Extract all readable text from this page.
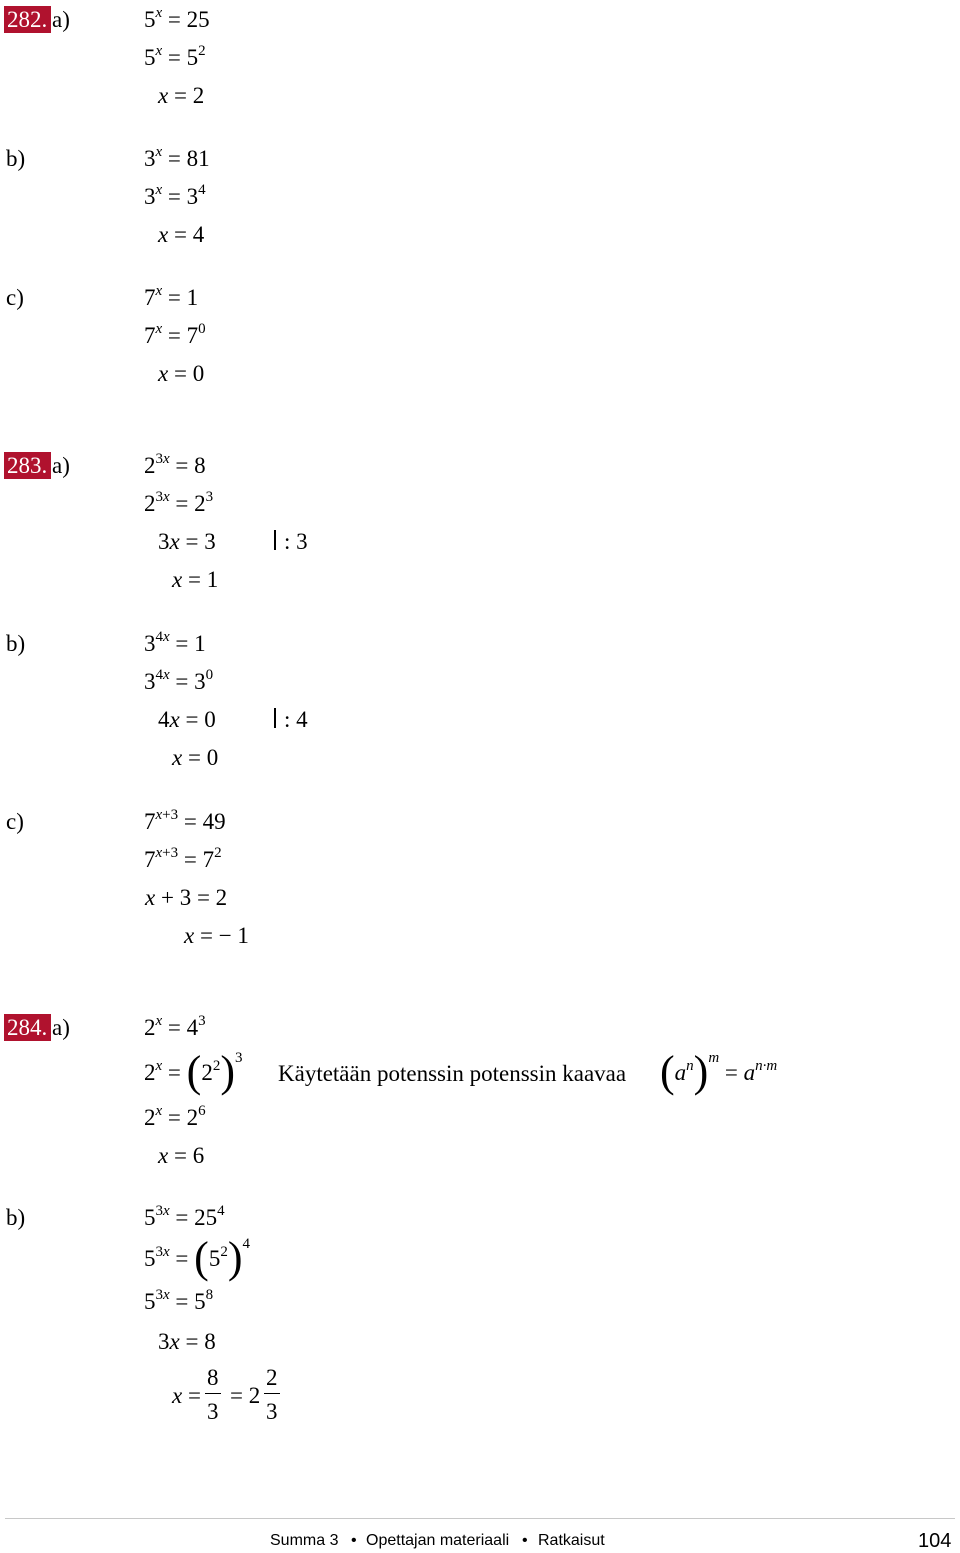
282. a)	$5^x = 25$
$5^x = 5^2$
x = 2
b)	$3^x = 81$
$3^x = 3^4$
x = 4
c)	$7^x = 1$
$7^x = 7^0$
x = 0
283. a)	$2^{3x} = 8$
$2^{3x} = 2^3$
3x = 3	: 3
x = 1
b)	$3^{4x} = 1$
$3^{4x} = 3^0$
4x = 0	: 4
x = 0
c)	$7^{x+3} = 49$
$7^{x+3} = 7^2$
x + 3 = 2
x = − 1
284. a)	$2^x = 4^3$
$2^x = (2^2)^3$
Käytetään potenssin potenssin kaavaa $(a^n)^m = a^{n\cdot m}$
$2^x = 2^6$
x = 6
b)	$5^{3x} = 25^4$
$5^{3x} = (5^2)^4$
$5^{3x} = 5^8$
3x = 8
$x = \frac{8}{3} = 2 \frac{2}{3}$
Summa 3 • Opettajan materiaali • Ratkaisut	104
